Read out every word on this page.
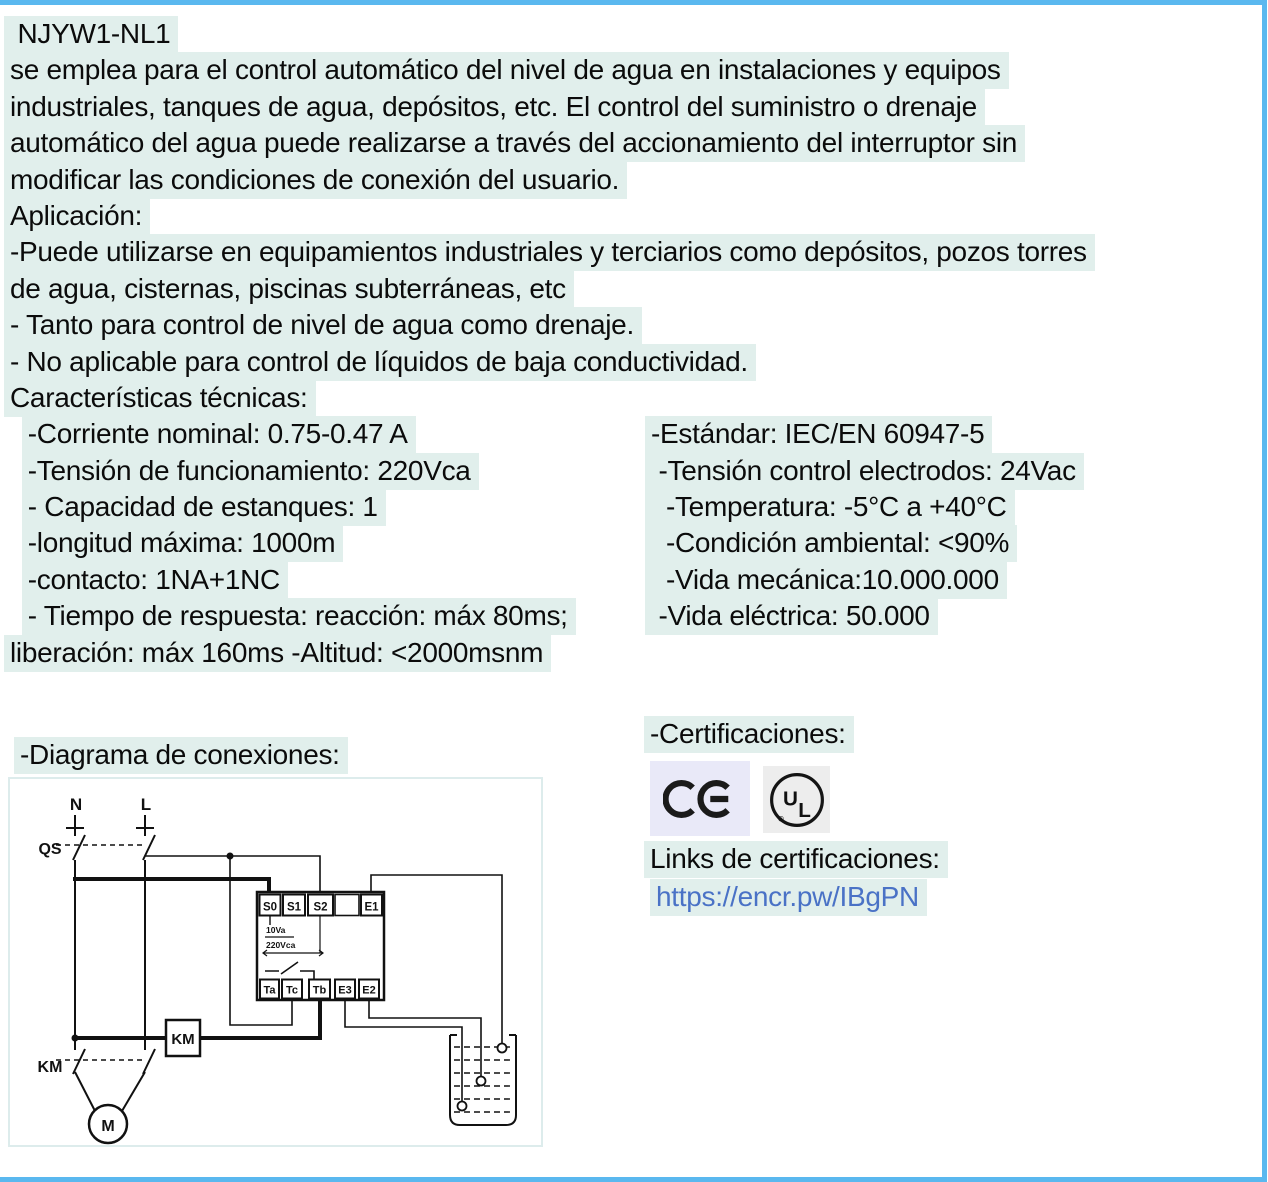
NJYW1-NL1
se emplea para el control automático del nivel de agua en instalaciones y equipos
industriales, tanques de agua, depósitos, etc. El control del suministro o drenaje
automático del agua puede realizarse a través del accionamiento del interruptor sin
modificar las condiciones de conexión del usuario.
Aplicación:
-Puede utilizarse en equipamientos industriales y terciarios como depósitos, pozos torres
de agua, cisternas, piscinas subterráneas, etc
- Tanto para control de nivel de agua como drenaje.
- No aplicable para control de líquidos de baja conductividad.
Características técnicas:

-Corriente nominal: 0.75-0.47 A
	-Estándar: IEC/EN 60947-5

-Tensión de funcionamiento: 220Vca
	-Tensión control electrodos: 24Vac

- Capacidad de estanques: 1
	-Temperatura: -5°C a +40°C

-longitud máxima: 1000m
	-Condición ambiental: <90%

-contacto: 1NA+1NC
	-Vida mecánica:10.000.000

- Tiempo de respuesta: reacción: máx 80ms;
	-Vida eléctrica: 50.000

liberación: máx 160ms -Altitud: <2000msnm
-Diagrama de conexiones:
-Certificaciones:
U L
®
Links de certificaciones:
https://encr.pw/IBgPN
N	L
QS
S0 S1 S2	E1
Ta Tc Tb E3 E2
10Va
220Vca
KM
KM
M
